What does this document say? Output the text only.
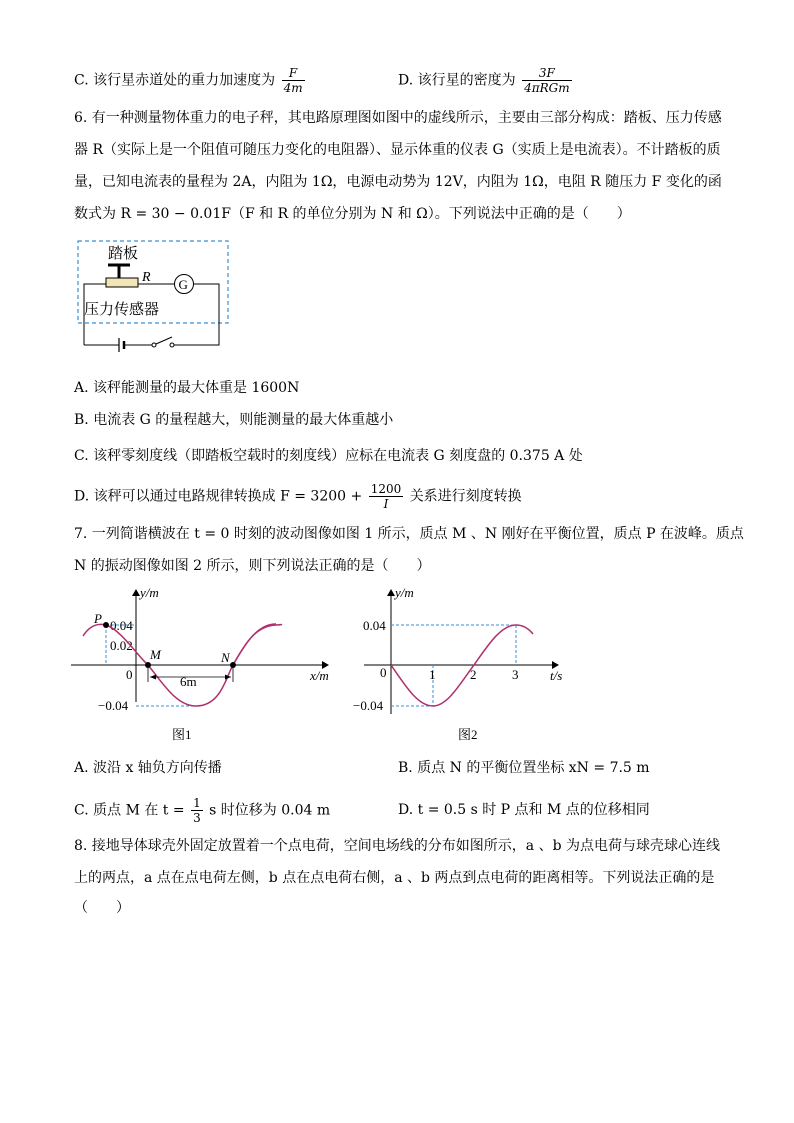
C. 该行星赤道处的重力加速度为 $\frac{F}{4m}$	D. 该行星的密度为 $\frac{3F}{\text{4πRGm}}$
6. 有一种测量物体重力的电子秤，其电路原理图如图中的虚线所示，主要由三部分构成：踏板、压力传感
器 R（实际上是一个阻值可随压力变化的电阻器）、显示体重的仪表 G（实质上是电流表）。不计踏板的质
量，已知电流表的量程为 2A，内阻为 1Ω，电源电动势为 12V，内阻为 1Ω，电阻 R 随压力 F 变化的函
数式为 R = 30 − 0.01F（F 和 R 的单位分别为 N 和 Ω）。下列说法中正确的是（　　）
踏板
R G
压力传感器
A. 该秤能测量的最大体重是 1600N
B. 电流表 G 的量程越大，则能测量的最大体重越小
C. 该秤零刻度线（即踏板空载时的刻度线）应标在电流表 G 刻度盘的 0.375 A 处
D. 该秤可以通过电路规律转换成 $F = 3200 + \frac{1200}{I}$ 关系进行刻度转换
7. 一列简谐横波在 t = 0 时刻的波动图像如图 1 所示，质点 M 、N 刚好在平衡位置，质点 P 在波峰。质点
N 的振动图像如图 2 所示，则下列说法正确的是（　　）
y/m
x/m
0
0.04
0.02
−0.04
P
M	N
6m
图1
y/m
t/s
0
0.04
−0.04
1	2	3
图2
A. 波沿 x 轴负方向传播	B. 质点 N 的平衡位置坐标 xN = 7.5 m
C. 质点 M 在 $t = \frac{1}{3}$ s 时位移为 0.04 m	D. t = 0.5 s 时 P 点和 M 点的位移相同
8. 接地导体球壳外固定放置着一个点电荷，空间电场线的分布如图所示，a 、b 为点电荷与球壳球心连线
上的两点，a 点在点电荷左侧，b 点在点电荷右侧，a 、b 两点到点电荷的距离相等。下列说法正确的是
（　　）
